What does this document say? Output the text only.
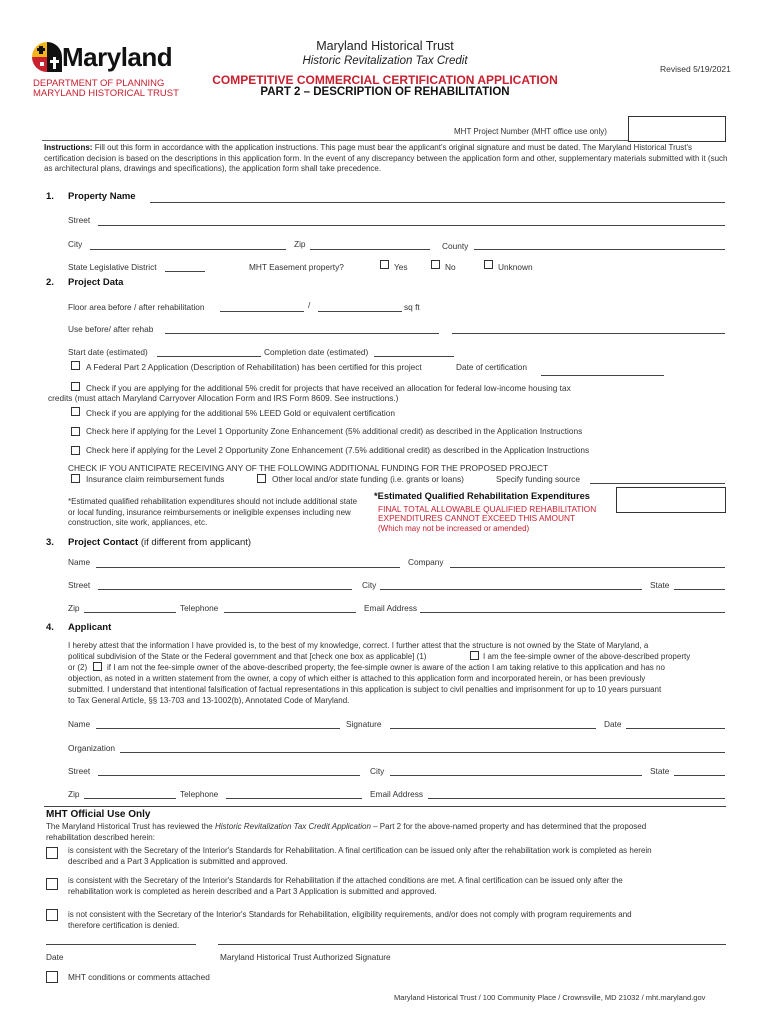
Maryland
DEPARTMENT OF PLANNING
MARYLAND HISTORICAL TRUST
Maryland Historical Trust
Historic Revitalization Tax Credit
Revised 5/19/2021
COMPETITIVE COMMERCIAL CERTIFICATION APPLICATION
PART 2 – DESCRIPTION OF REHABILITATION
MHT Project Number (MHT office use only)
Instructions: Fill out this form in accordance with the application instructions. This page must bear the applicant's original signature and must be dated. The Maryland Historical Trust's certification decision is based on the descriptions in this application form. In the event of any discrepancy between the application form and other, supplementary materials submitted with it (such as architectural plans, drawings and specifications), the application form shall take precedence.
1. Property Name
Street
City	Zip	County
State Legislative District	MHT Easement property?	Yes	No	Unknown
2. Project Data
Floor area before / after rehabilitation	/	sq ft
Use before/ after rehab
Start date (estimated)	Completion date (estimated)
A Federal Part 2 Application (Description of Rehabilitation) has been certified for this project	Date of certification
Check if you are applying for the additional 5% credit for projects that have received an allocation for federal low-income housing tax
credits (must attach Maryland Carryover Allocation Form and IRS Form 8609. See instructions.)
Check if you are applying for the additional 5% LEED Gold or equivalent certification
Check here if applying for the Level 1 Opportunity Zone Enhancement (5% additional credit) as described in the Application Instructions
Check here if applying for the Level 2 Opportunity Zone Enhancement (7.5% additional credit) as described in the Application Instructions
CHECK IF YOU ANTICIPATE RECEIVING ANY OF THE FOLLOWING ADDITIONAL FUNDING FOR THE PROPOSED PROJECT
Insurance claim reimbursement funds	Other local and/or state funding (i.e. grants or loans)	Specify funding source
*Estimated qualified rehabilitation expenditures should not include additional state or local funding, insurance reimbursements or ineligible expenses including new construction, site work, appliances, etc.
*Estimated Qualified Rehabilitation Expenditures
FINAL TOTAL ALLOWABLE QUALIFIED REHABILITATION EXPENDITURES CANNOT EXCEED THIS AMOUNT
(Which may not be increased or amended)
3. Project Contact (if different from applicant)
Name	Company
Street	City	State
Zip	Telephone	Email Address
4. Applicant
I hereby attest that the information I have provided is, to the best of my knowledge, correct. I further attest that the structure is not owned by the State of Maryland, a
political subdivision of the State or the Federal government and that [check one box as applicable] (1)	I am the fee-simple owner of the above-described property
or (2) if I am not the fee-simple owner of the above-described property, the fee-simple owner is aware of the action I am taking relative to this application and has no
objection, as noted in a written statement from the owner, a copy of which either is attached to this application form and incorporated herein, or has been previously
submitted. I understand that intentional falsification of factual representations in this application is subject to civil penalties and imprisonment for up to 10 years pursuant
to Tax General Article, §§ 13-703 and 13-1002(b), Annotated Code of Maryland.
Name	Signature	Date
Organization
Street	City	State
Zip	Telephone	Email Address
MHT Official Use Only
The Maryland Historical Trust has reviewed the Historic Revitalization Tax Credit Application – Part 2 for the above-named property and has determined that the proposed
rehabilitation described herein:
is consistent with the Secretary of the Interior's Standards for Rehabilitation. A final certification can be issued only after the rehabilitation work is completed as herein
described and a Part 3 Application is submitted and approved.
is consistent with the Secretary of the Interior's Standards for Rehabilitation if the attached conditions are met. A final certification can be issued only after the
rehabilitation work is completed as herein described and a Part 3 Application is submitted and approved.
is not consistent with the Secretary of the Interior's Standards for Rehabilitation, eligibility requirements, and/or does not comply with program requirements and
therefore certification is denied.
Date	Maryland Historical Trust Authorized Signature
MHT conditions or comments attached
Maryland Historical Trust / 100 Community Place / Crownsville, MD 21032 / mht.maryland.gov
